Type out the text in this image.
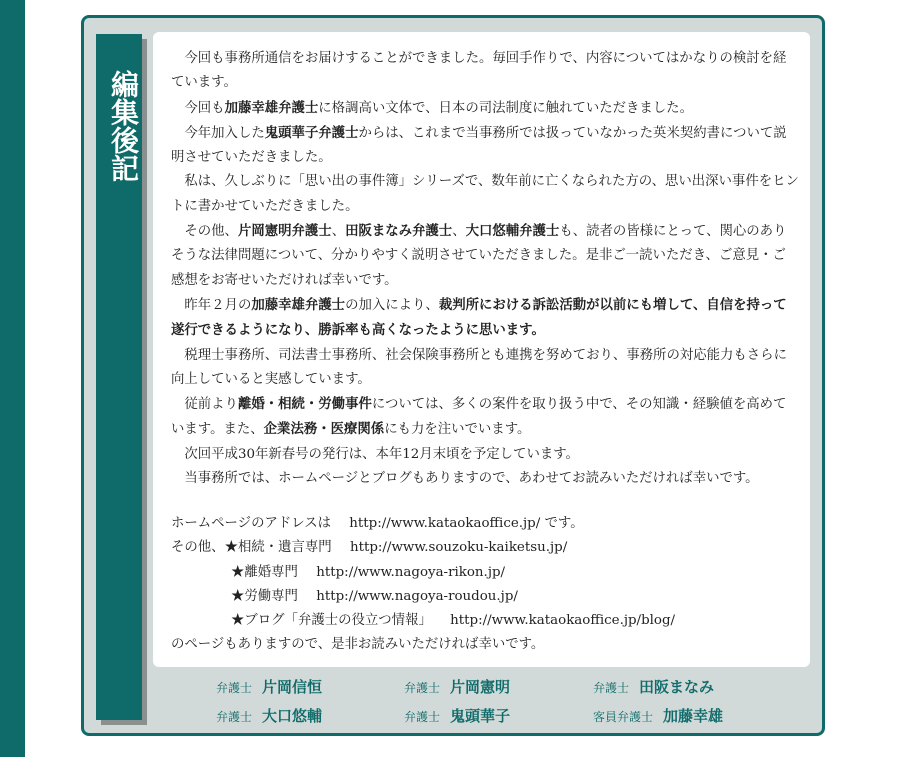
編集後記

今回も事務所通信をお届けすることができました。毎回手作りで、内容についてはかなりの検討を経ています。

今回も加藤幸雄弁護士に格調高い文体で、日本の司法制度に触れていただきました。

今年加入した鬼頭華子弁護士からは、これまで当事務所では扱っていなかった英米契約書について説明させていただきました。

私は、久しぶりに「思い出の事件簿」シリーズで、数年前に亡くなられた方の、思い出深い事件をヒントに書かせていただきました。

その他、片岡憲明弁護士、田阪まなみ弁護士、大口悠輔弁護士も、読者の皆様にとって、関心のありそうな法律問題について、分かりやすく説明させていただきました。是非ご一読いただき、ご意見・ご感想をお寄せいただければ幸いです。

昨年２月の加藤幸雄弁護士の加入により、裁判所における訴訟活動が以前にも増して、自信を持って遂行できるようになり、勝訴率も高くなったように思います。

税理士事務所、司法書士事務所、社会保険事務所とも連携を努めており、事務所の対応能力もさらに向上していると実感しています。

従前より離婚・相続・労働事件については、多くの案件を取り扱う中で、その知識・経験値を高めています。また、企業法務・医療関係にも力を注いでいます。

次回平成30年新春号の発行は、本年12月末頃を予定しています。

当事務所では、ホームページとブログもありますので、あわせてお読みいただければ幸いです。

ホームページのアドレスは http://www.kataokaoffice.jp/ です。
その他、★相続・遺言専門 http://www.souzoku-kaiketsu.jp/
★離婚専門 http://www.nagoya-rikon.jp/
★労働専門 http://www.nagoya-roudou.jp/
★ブログ「弁護士の役立つ情報」 http://www.kataokaoffice.jp/blog/
のページもありますので、是非お読みいただければ幸いです。
弁護士 片岡信恒	弁護士 片岡憲明	弁護士 田阪まなみ
弁護士 大口悠輔	弁護士 鬼頭華子	客員弁護士 加藤幸雄
